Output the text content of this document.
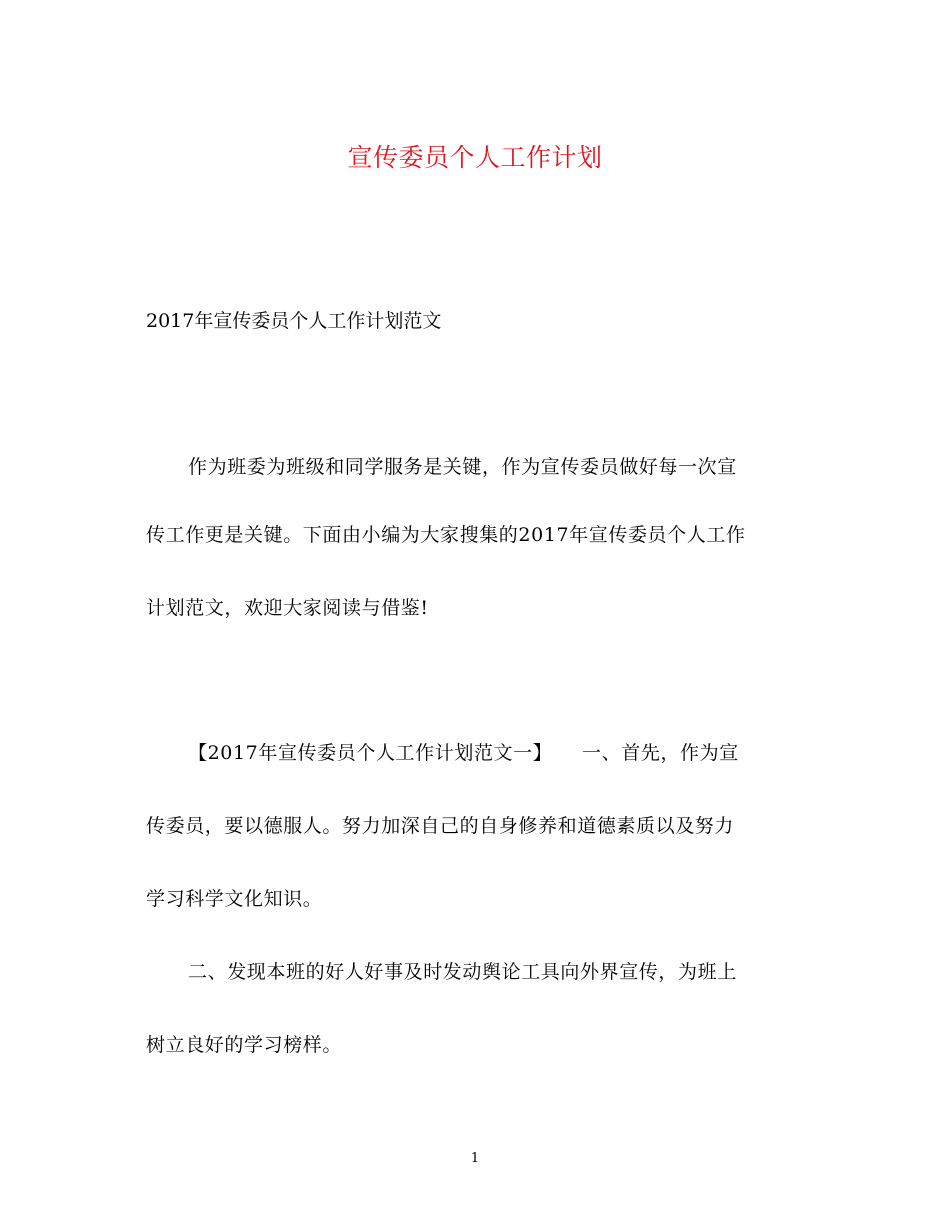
宣传委员个人工作计划
2017年宣传委员个人工作计划范文
作为班委为班级和同学服务是关键，作为宣传委员做好每一次宣
传工作更是关键。下面由小编为大家搜集的2017年宣传委员个人工作
计划范文，欢迎大家阅读与借鉴!
【2017年宣传委员个人工作计划范文一】　　一、首先，作为宣
传委员，要以德服人。努力加深自己的自身修养和道德素质以及努力
学习科学文化知识。
二、发现本班的好人好事及时发动舆论工具向外界宣传，为班上
树立良好的学习榜样。
1
